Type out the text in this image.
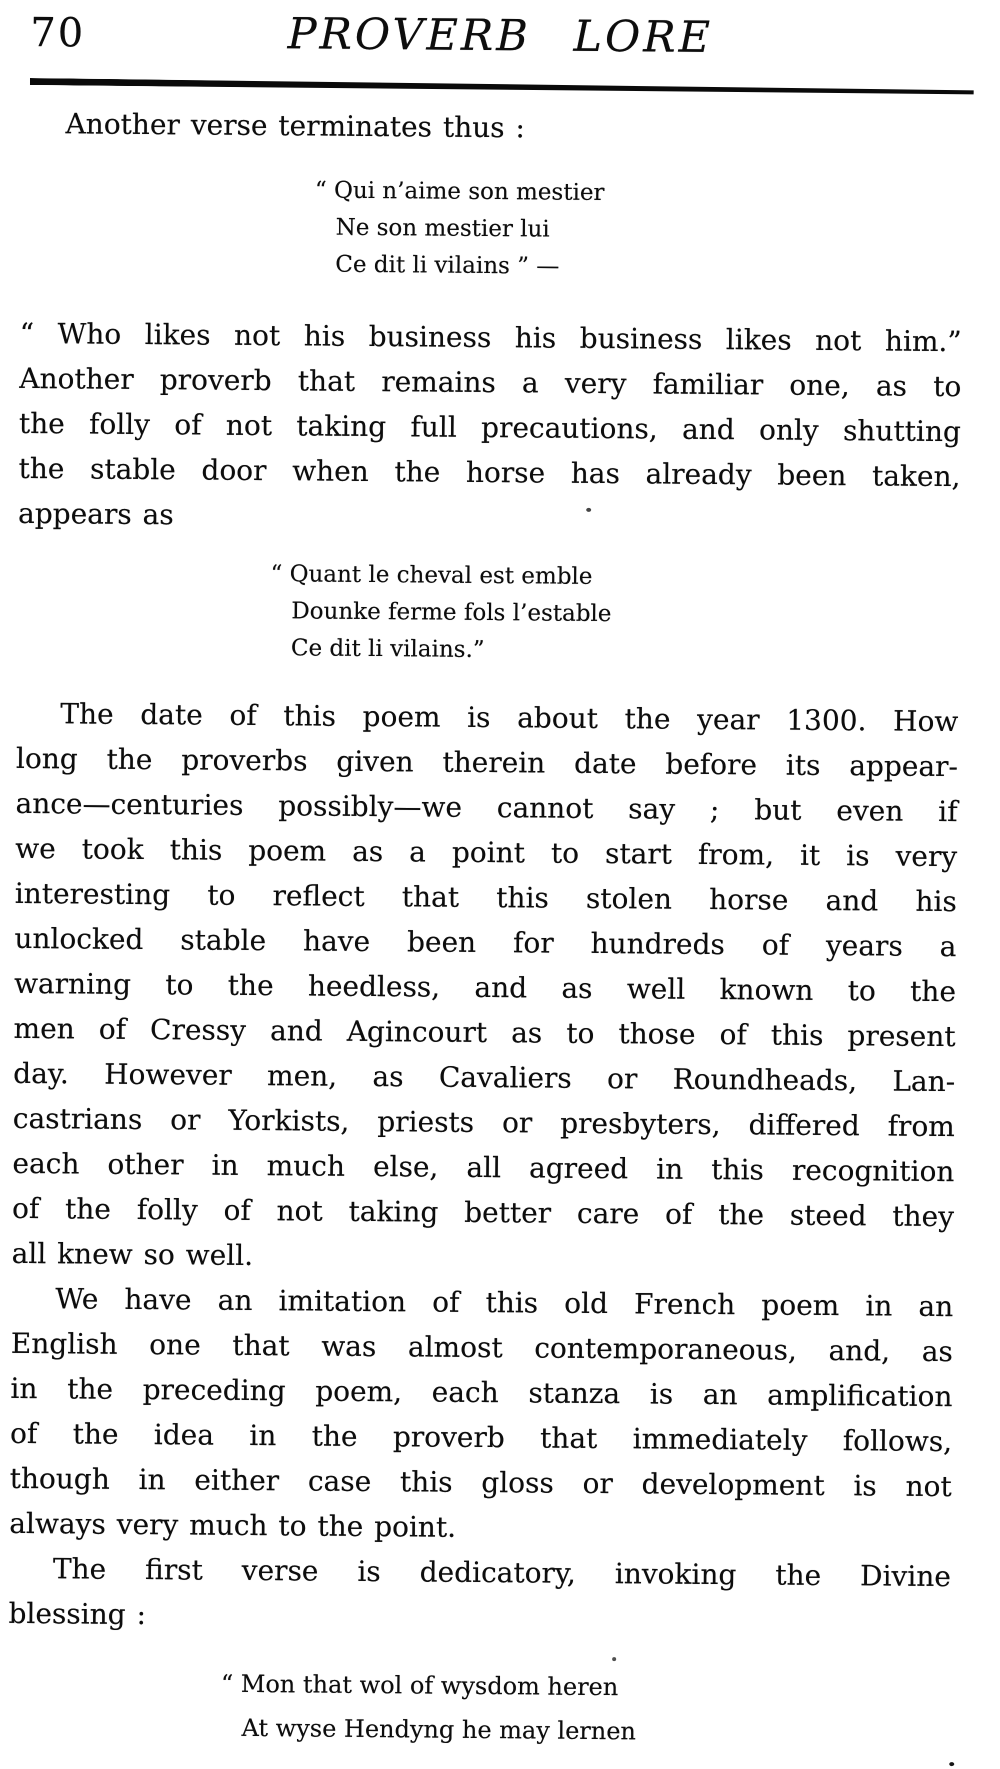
70	PROVERB LORE
Another verse terminates thus :
“ Qui n’aime son mestier
Ne son mestier lui
Ce dit li vilains ” —
“ Who likes not his business his business likes not him.”
Another proverb that remains a very familiar one, as to
the folly of not taking full precautions, and only shutting
the stable door when the horse has already been taken,
appears as
“ Quant le cheval est emble
Dounke ferme fols l’estable
Ce dit li vilains.”
The date of this poem is about the year 1300. How
long the proverbs given therein date before its appear-
ance—centuries possibly—we cannot say ; but even if
we took this poem as a point to start from, it is very
interesting to reflect that this stolen horse and his
unlocked stable have been for hundreds of years a
warning to the heedless, and as well known to the
men of Cressy and Agincourt as to those of this present
day. However men, as Cavaliers or Roundheads, Lan-
castrians or Yorkists, priests or presbyters, differed from
each other in much else, all agreed in this recognition
of the folly of not taking better care of the steed they
all knew so well.
We have an imitation of this old French poem in an
English one that was almost contemporaneous, and, as
in the preceding poem, each stanza is an amplification
of the idea in the proverb that immediately follows,
though in either case this gloss or development is not
always very much to the point.
The first verse is dedicatory, invoking the Divine
blessing :
“ Mon that wol of wysdom heren
At wyse Hendyng he may lernen
